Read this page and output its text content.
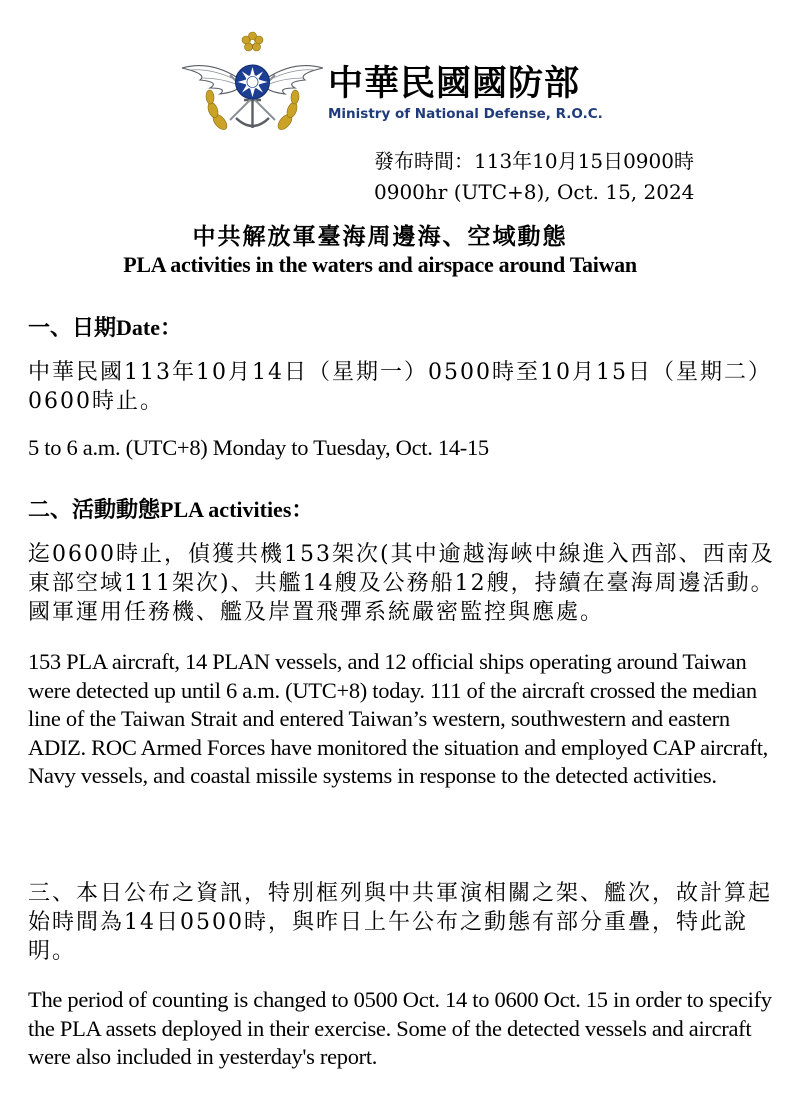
中華民國國防部
Ministry of National Defense, R.O.C.
發布時間：113年10月15日0900時
0900hr (UTC+8), Oct. 15, 2024
中共解放軍臺海周邊海、空域動態
PLA activities in the waters and airspace around Taiwan
一、日期Date：
中華民國113年10月14日（星期一）0500時至10月15日（星期二）0600時止。
5 to 6 a.m. (UTC+8) Monday to Tuesday, Oct. 14-15
二、活動動態PLA activities：
迄0600時止，偵獲共機153架次(其中逾越海峽中線進入西部、西南及東部空域111架次)、共艦14艘及公務船12艘，持續在臺海周邊活動。國軍運用任務機、艦及岸置飛彈系統嚴密監控與應處。
153 PLA aircraft, 14 PLAN vessels, and 12 official ships operating around Taiwan were detected up until 6 a.m. (UTC+8) today. 111 of the aircraft crossed the median line of the Taiwan Strait and entered Taiwan’s western, southwestern and eastern ADIZ. ROC Armed Forces have monitored the situation and employed CAP aircraft, Navy vessels, and coastal missile systems in response to the detected activities.
三、本日公布之資訊，特別框列與中共軍演相關之架、艦次，故計算起始時間為14日0500時，與昨日上午公布之動態有部分重疊，特此說明。
The period of counting is changed to 0500 Oct. 14 to 0600 Oct. 15 in order to specify the PLA assets deployed in their exercise. Some of the detected vessels and aircraft were also included in yesterday's report.
